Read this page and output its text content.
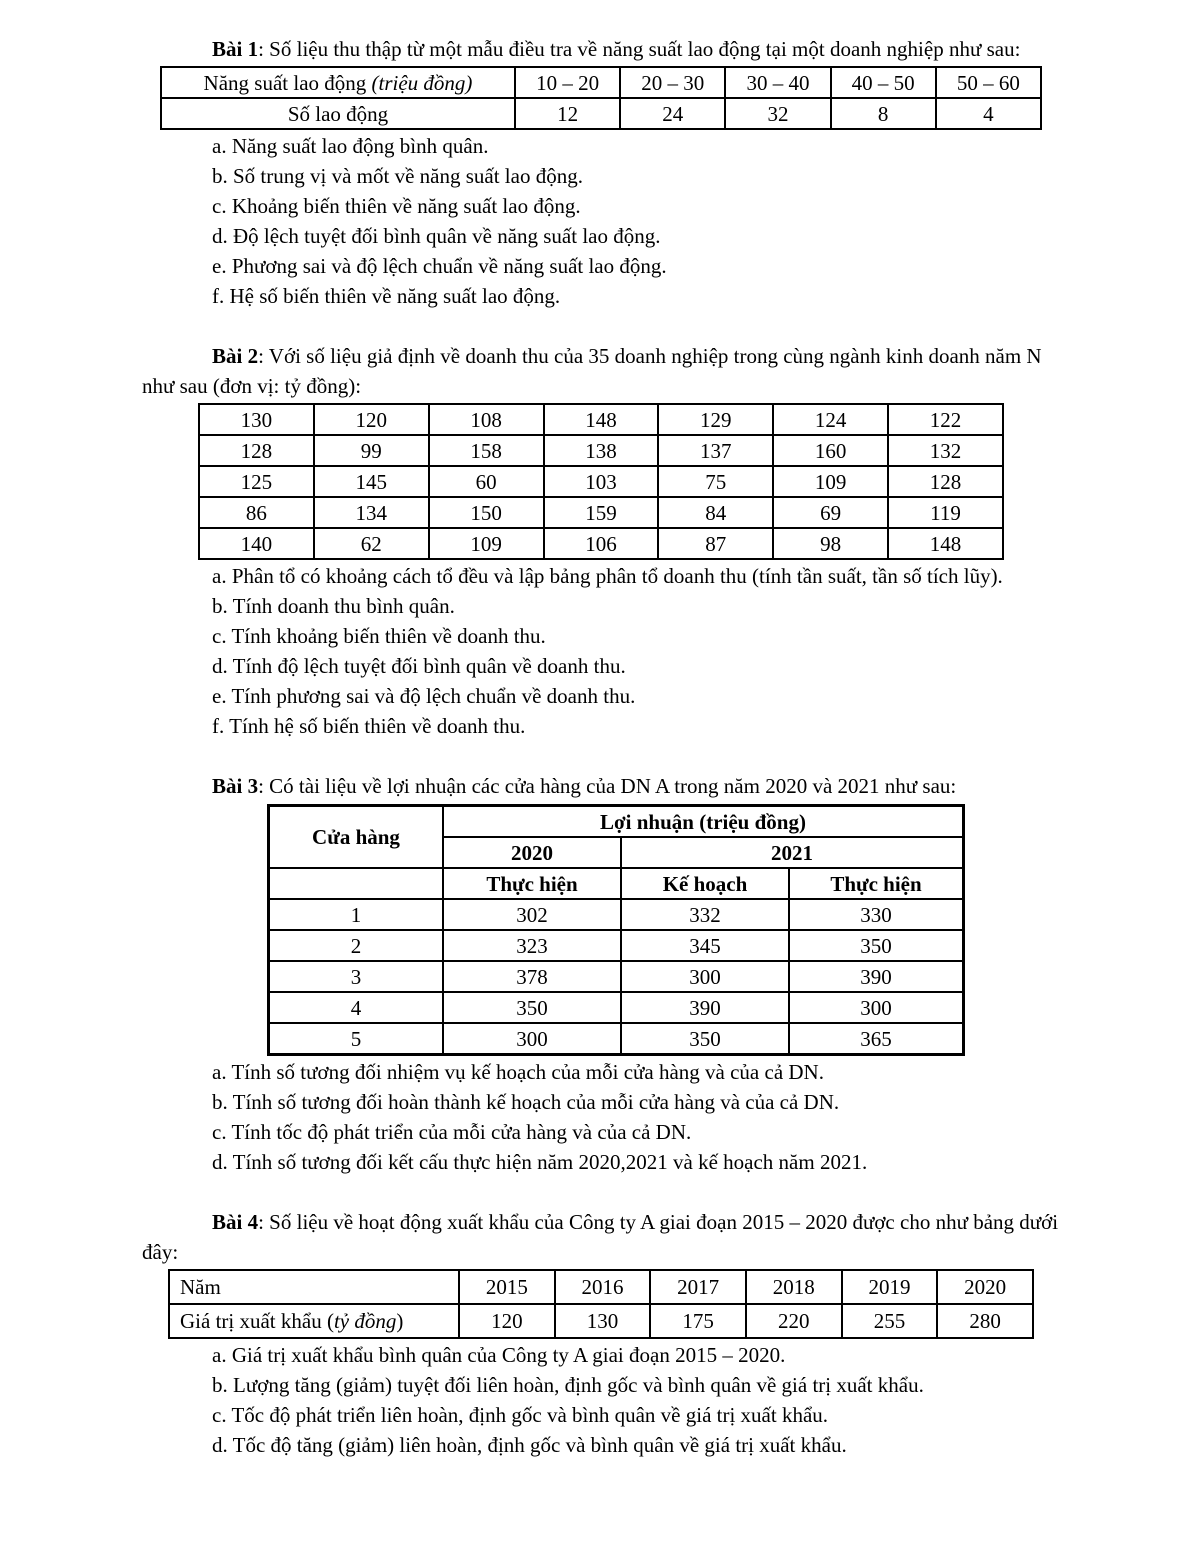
Bài 1: Số liệu thu thập từ một mẫu điều tra về năng suất lao động tại một doanh nghiệp như sau:

Năng suất lao động (triệu đồng)	10 – 20	20 – 30	30 – 40	40 – 50	50 – 60
Số lao động	12	24	32	8	4

a. Năng suất lao động bình quân.

b. Số trung vị và mốt về năng suất lao động.

c. Khoảng biến thiên về năng suất lao động.

d. Độ lệch tuyệt đối bình quân về năng suất lao động.

e. Phương sai và độ lệch chuẩn về năng suất lao động.

f. Hệ số biến thiên về năng suất lao động.

Bài 2: Với số liệu giả định về doanh thu của 35 doanh nghiệp trong cùng ngành kinh doanh năm N như sau (đơn vị: tỷ đồng):

130	120	108	148	129	124	122
128	99	158	138	137	160	132
125	145	60	103	75	109	128
86	134	150	159	84	69	119
140	62	109	106	87	98	148

a. Phân tổ có khoảng cách tổ đều và lập bảng phân tổ doanh thu (tính tần suất, tần số tích lũy).

b. Tính doanh thu bình quân.

c. Tính khoảng biến thiên về doanh thu.

d. Tính độ lệch tuyệt đối bình quân về doanh thu.

e. Tính phương sai và độ lệch chuẩn về doanh thu.

f. Tính hệ số biến thiên về doanh thu.

Bài 3: Có tài liệu về lợi nhuận các cửa hàng của DN A trong năm 2020 và 2021 như sau:

Cửa hàng	Lợi nhuận (triệu đồng)		
	2020	2021	
	Thực hiện	Kế hoạch	Thực hiện
1	302	332	330
2	323	345	350
3	378	300	390
4	350	390	300
5	300	350	365

a. Tính số tương đối nhiệm vụ kế hoạch của mỗi cửa hàng và của cả DN.

b. Tính số tương đối hoàn thành kế hoạch của mỗi cửa hàng và của cả DN.

c. Tính tốc độ phát triển của mỗi cửa hàng và của cả DN.

d. Tính số tương đối kết cấu thực hiện năm 2020,2021 và kế hoạch năm 2021.

Bài 4: Số liệu về hoạt động xuất khẩu của Công ty A giai đoạn 2015 – 2020 được cho như bảng dưới đây:

Năm	2015	2016	2017	2018	2019	2020
Giá trị xuất khẩu (tỷ đồng)	120	130	175	220	255	280

a. Giá trị xuất khẩu bình quân của Công ty A giai đoạn 2015 – 2020.

b. Lượng tăng (giảm) tuyệt đối liên hoàn, định gốc và bình quân về giá trị xuất khẩu.

c. Tốc độ phát triển liên hoàn, định gốc và bình quân về giá trị xuất khẩu.

d. Tốc độ tăng (giảm) liên hoàn, định gốc và bình quân về giá trị xuất khẩu.
